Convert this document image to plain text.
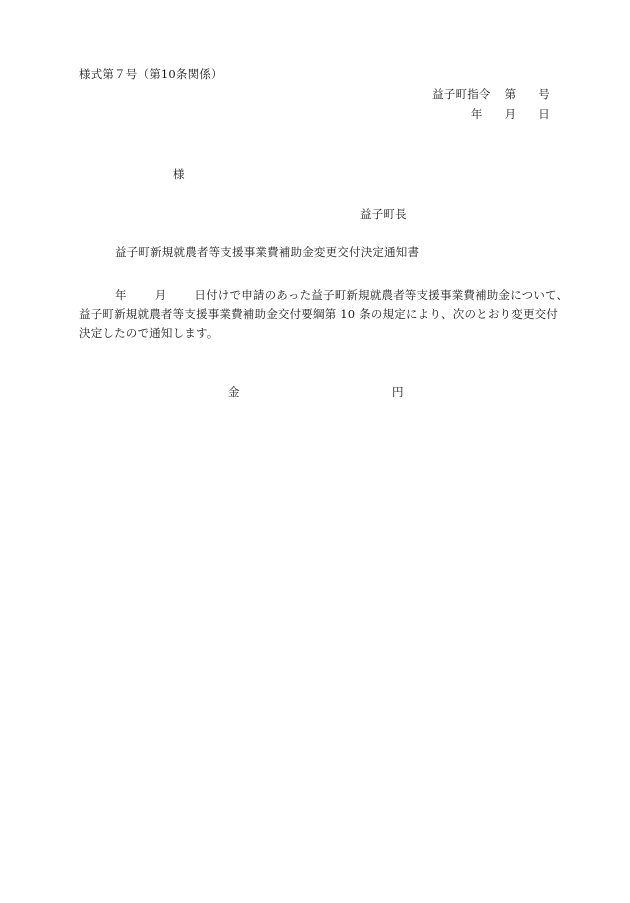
様式第７号（第10条関係）
益子町指令 第 号
年 月 日
様
益子町長
益子町新規就農者等支援事業費補助金変更交付決定通知書
年 月 日付けで申請のあった益子町新規就農者等支援事業費補助金について、
益子町新規就農者等支援事業費補助金交付要綱第 10 条の規定により、次のとおり変更交付
決定したので通知します。
金	円
